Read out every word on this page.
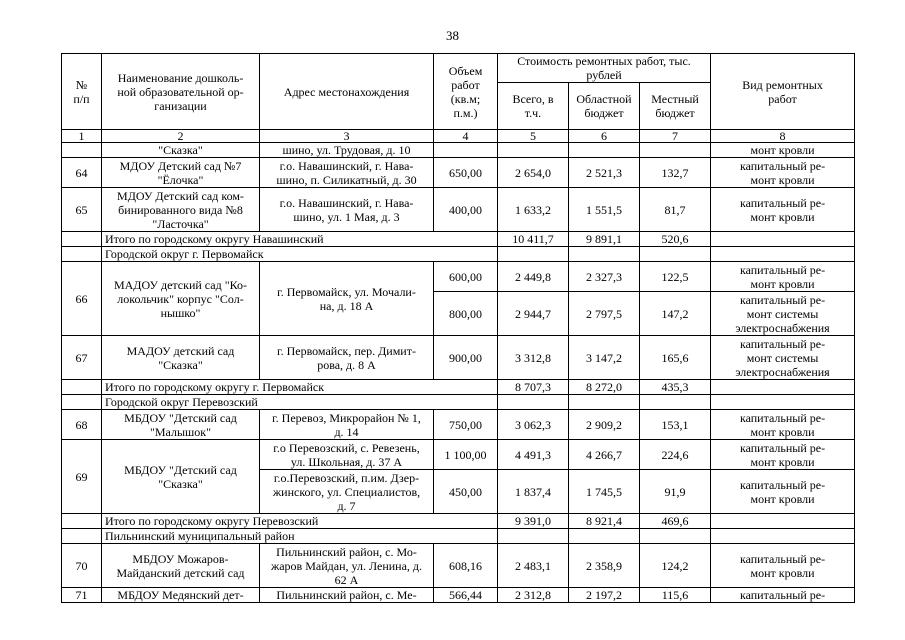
38
№
п/п	Наименование дошколь-
ной образовательной ор-
ганизации	Адрес местонахождения	Объем
работ
(кв.м;
п.м.)	Стоимость ремонтных работ, тыс. рублей			Вид ремонтных
работ
				Всего, в
т.ч.	Областной
бюджет	Местный
бюджет	
1	2	3	4	5	6	7	8
	"Сказка"	шино, ул. Трудовая, д. 10					монт кровли
64	МДОУ Детский сад №7
"Ёлочка"	г.о. Навашинский, г. Нава-
шино, п. Силикатный, д. 30	650,00	2 654,0	2 521,3	132,7	капитальный ре-
монт кровли
65	МДОУ Детский сад ком-
бинированного вида №8
"Ласточка"	г.о. Навашинский, г. Нава-
шино, ул. 1 Мая, д. 3	400,00	1 633,2	1 551,5	81,7	капитальный ре-
монт кровли
	Итого по городскому округу Навашинский			10 411,7	9 891,1	520,6	
	Городской округ г. Первомайск						
66	МАДОУ детский сад "Ко-
локольчик" корпус "Сол-
нышко"	г. Первомайск, ул. Мочали-
на, д. 18 А	600,00	2 449,8	2 327,3	122,5	капитальный ре-
монт кровли
			800,00	2 944,7	2 797,5	147,2	капитальный ре-
монт системы
электроснабжения
67	МАДОУ детский сад
"Сказка"	г. Первомайск, пер. Димит-
рова, д. 8 А	900,00	3 312,8	3 147,2	165,6	капитальный ре-
монт системы
электроснабжения
	Итого по городскому округу г. Первомайск			8 707,3	8 272,0	435,3	
	Городской округ Перевозский						
68	МБДОУ "Детский сад
"Малышок"	г. Перевоз, Микрорайон № 1,
д. 14	750,00	3 062,3	2 909,2	153,1	капитальный ре-
монт кровли
69	МБДОУ "Детский сад
"Сказка"	г.о Перевозский, с. Ревезень,
ул. Школьная, д. 37 А	1 100,00	4 491,3	4 266,7	224,6	капитальный ре-
монт кровли
		г.о.Перевозский, п.им. Дзер-
жинского, ул. Специалистов,
д. 7	450,00	1 837,4	1 745,5	91,9	капитальный ре-
монт кровли
	Итого по городскому округу Перевозский			9 391,0	8 921,4	469,6	
	Пильнинский муниципальный район						
70	МБДОУ Можаров-
Майданский детский сад	Пильнинский район, с. Мо-
жаров Майдан, ул. Ленина, д.
62 А	608,16	2 483,1	2 358,9	124,2	капитальный ре-
монт кровли
71	МБДОУ Медянский дет-	Пильнинский район, с. Ме-	566,44	2 312,8	2 197,2	115,6	капитальный ре-
